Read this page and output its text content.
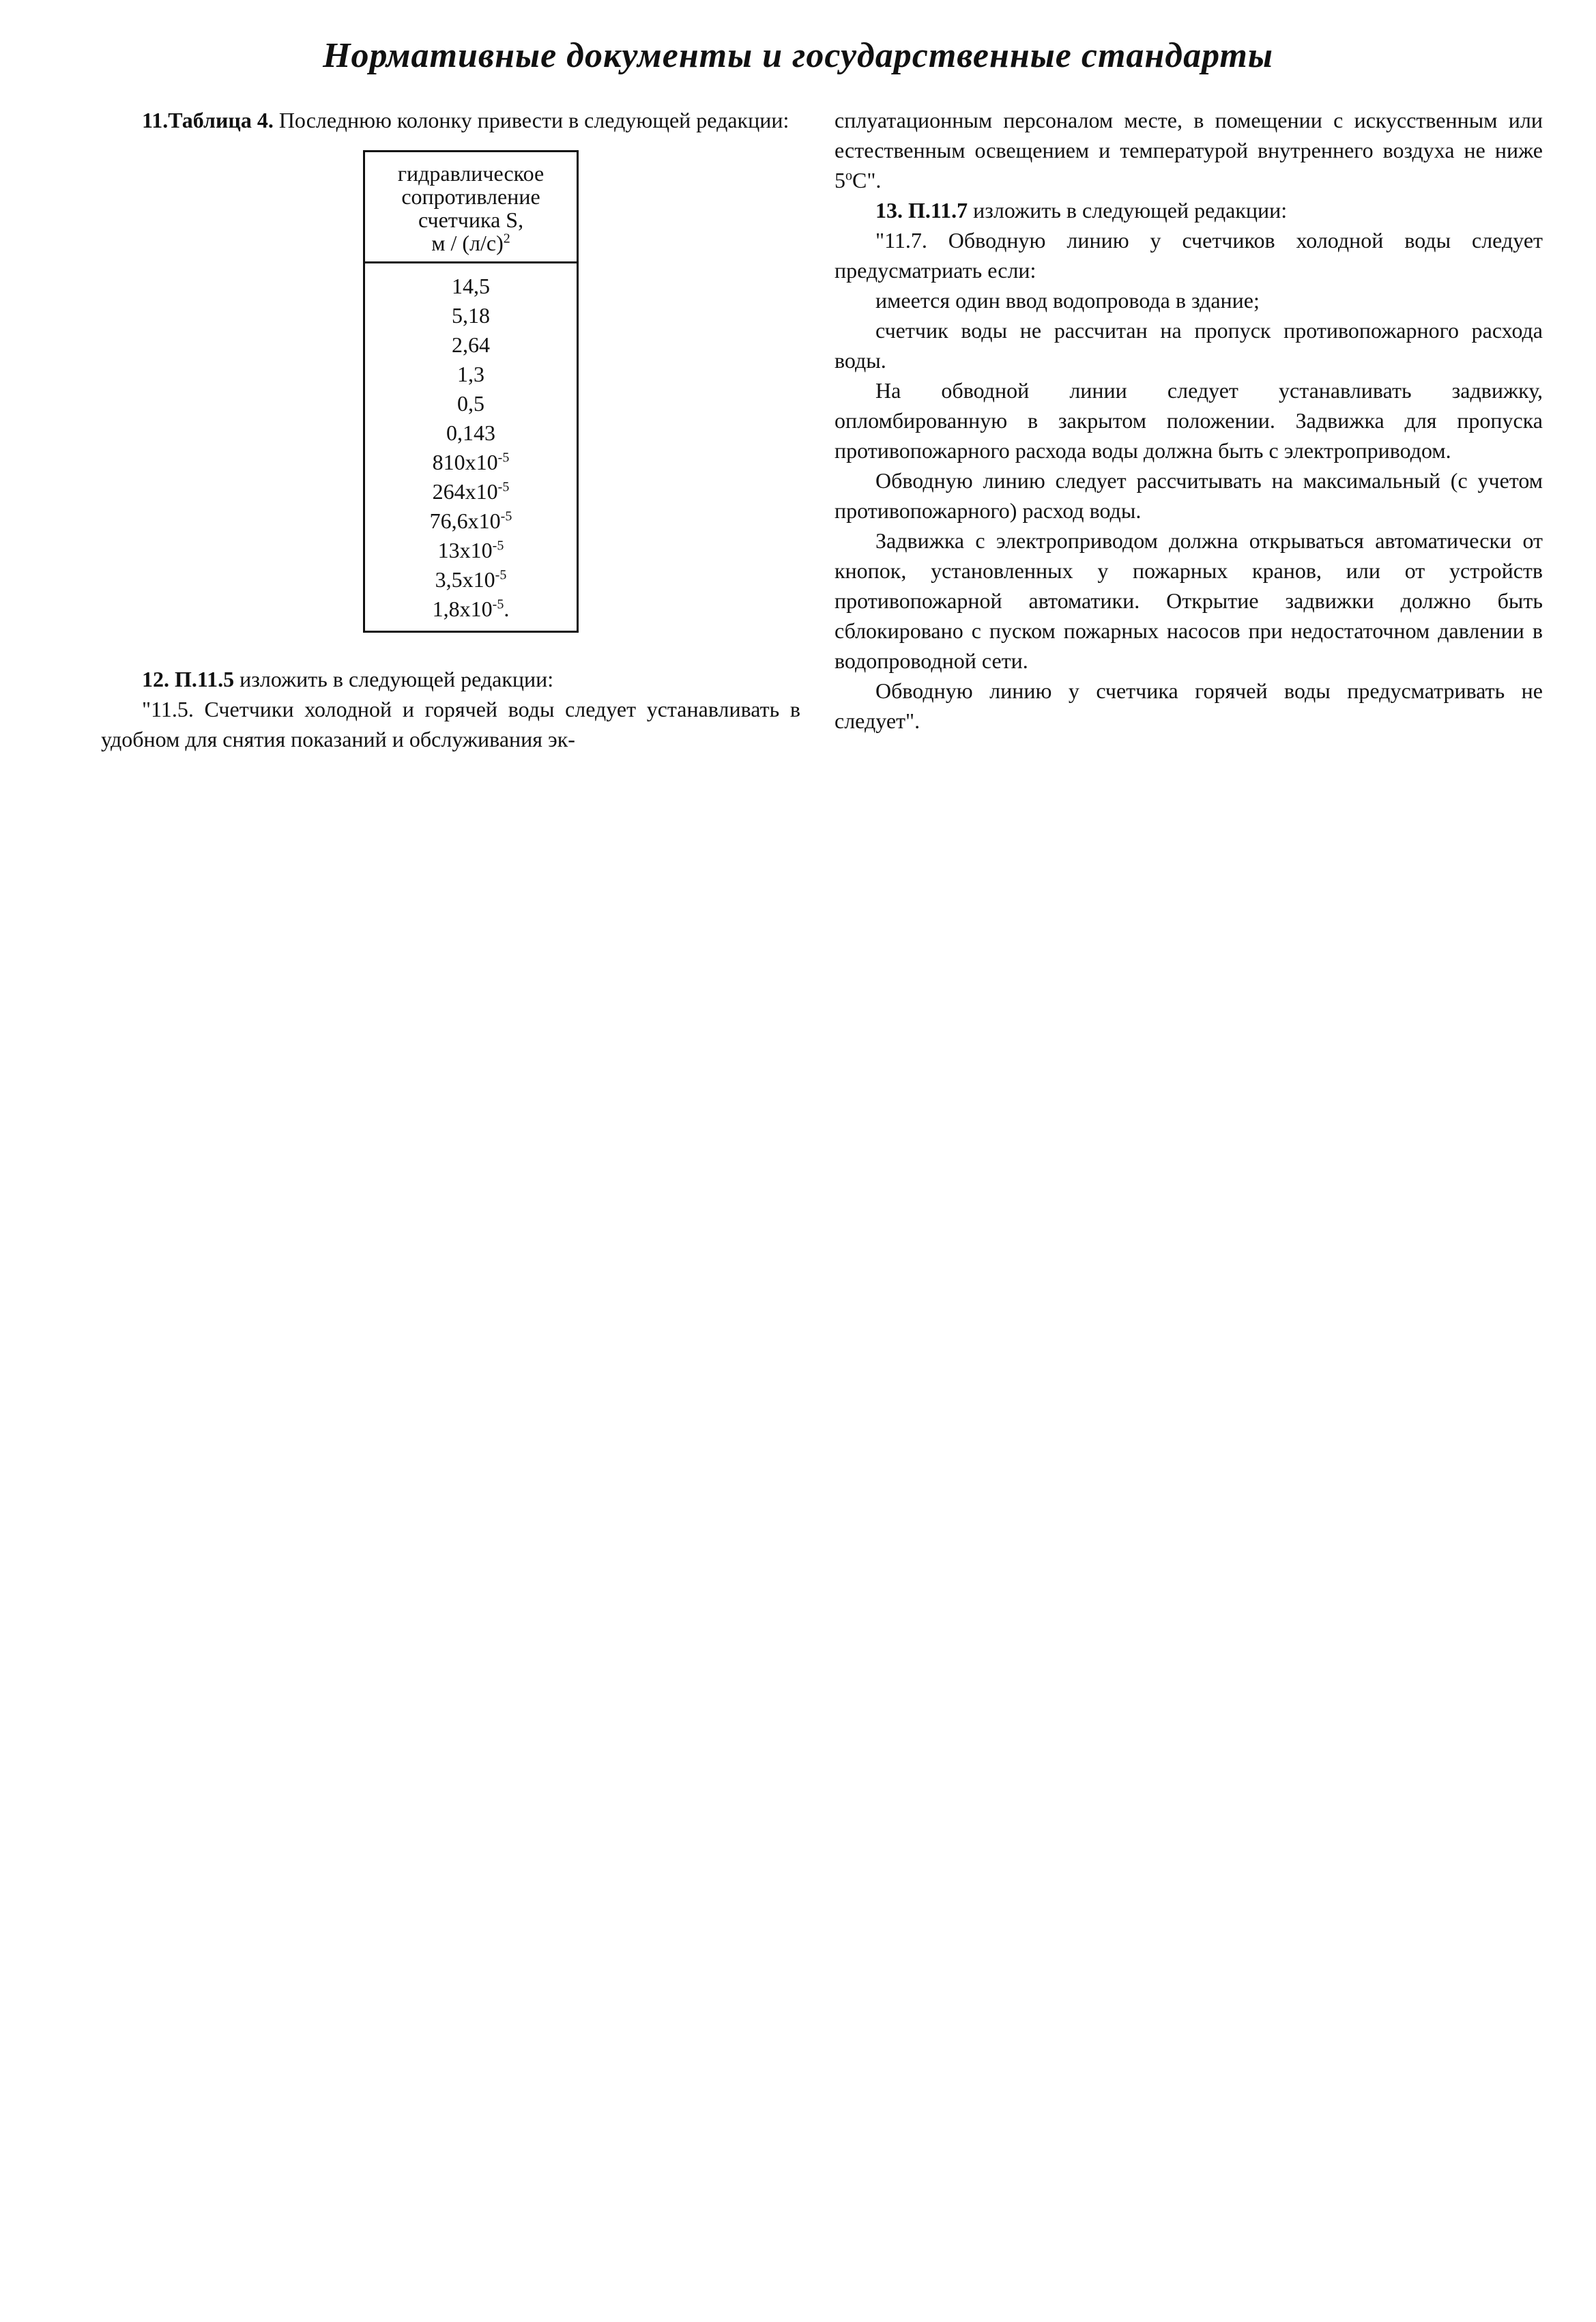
Нормативные документы и государственные стандарты

11.Таблица 4. Последнюю колонку привести в следующей редакции:

гидравлическое
сопротивление
счетчика S,
м / $(л/с)^2$
14,5
5,18
2,64
1,3
0,5
0,143
$810x10^{-5}$
$264x10^{-5}$
$76,6x10^{-5}$
$13x10^{-5}$
$3,5x10^{-5}$
$1,8x10^{-5}$.

12. П.11.5 изложить в следующей редакции:

"11.5. Счетчики холодной и горячей воды следует устанавливать в удобном для снятия показаний и обслуживания эк-

сплуатационным персоналом месте, в помещении с искусственным или естественным освещением и температурой внутреннего воздуха не ниже $5^оС$".

13. П.11.7 изложить в следующей редакции:

"11.7. Обводную линию у счетчиков холодной воды следует предусматриать если:

имеется один ввод водопровода в здание;

счетчик воды не рассчитан на пропуск противопожарного расхода воды.

На обводной линии следует устанавливать задвижку, опломбированную в закрытом положении. Задвижка для пропуска противопожарного расхода воды должна быть с электроприводом.

Обводную линию следует рассчитывать на максимальный (с учетом противопожарного) расход воды.

Задвижка с электроприводом должна открываться автоматически от кнопок, установленных у пожарных кранов, или от устройств противопожарной автоматики. Открытие задвижки должно быть сблокировано с пуском пожарных насосов при недостаточном давлении в водопроводной сети.

Обводную линию у счетчика горячей воды предусматривать не следует".
